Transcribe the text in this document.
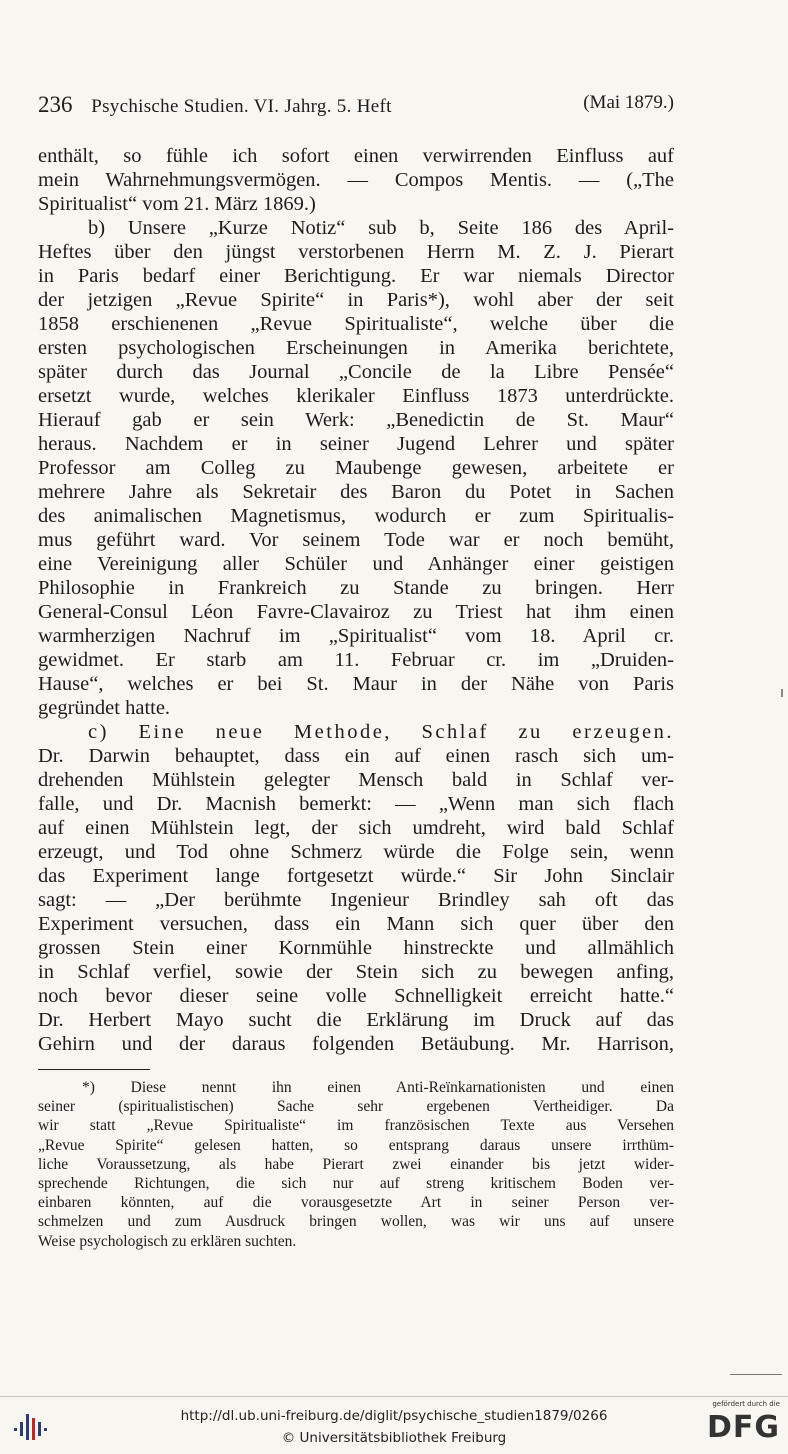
236 Psychische Studien. VI. Jahrg. 5. Heft	(Mai 1879.)
enthält, so fühle ich sofort einen verwirrenden Einfluss auf
mein Wahrnehmungsvermögen. — Compos Mentis. — („The
Spiritualist“ vom 21. März 1869.)
b) Unsere „Kurze Notiz“ sub b, Seite 186 des April-
Heftes über den jüngst verstorbenen Herrn M. Z. J. Pierart
in Paris bedarf einer Berichtigung. Er war niemals Director
der jetzigen „Revue Spirite“ in Paris*), wohl aber der seit
1858 erschienenen „Revue Spiritualiste“, welche über die
ersten psychologischen Erscheinungen in Amerika berichtete,
später durch das Journal „Concile de la Libre Pensée“
ersetzt wurde, welches klerikaler Einfluss 1873 unterdrückte.
Hierauf gab er sein Werk: „Benedictin de St. Maur“
heraus. Nachdem er in seiner Jugend Lehrer und später
Professor am Colleg zu Maubenge gewesen, arbeitete er
mehrere Jahre als Sekretair des Baron du Potet in Sachen
des animalischen Magnetismus, wodurch er zum Spiritualis-
mus geführt ward. Vor seinem Tode war er noch bemüht,
eine Vereinigung aller Schüler und Anhänger einer geistigen
Philosophie in Frankreich zu Stande zu bringen. Herr
General-Consul Léon Favre-Clavairoz zu Triest hat ihm einen
warmherzigen Nachruf im „Spiritualist“ vom 18. April cr.
gewidmet. Er starb am 11. Februar cr. im „Druiden-
Hause“, welches er bei St. Maur in der Nähe von Paris
gegründet hatte.
c) Eine neue Methode, Schlaf zu erzeugen.
Dr. Darwin behauptet, dass ein auf einen rasch sich um-
drehenden Mühlstein gelegter Mensch bald in Schlaf ver-
falle, und Dr. Macnish bemerkt: — „Wenn man sich flach
auf einen Mühlstein legt, der sich umdreht, wird bald Schlaf
erzeugt, und Tod ohne Schmerz würde die Folge sein, wenn
das Experiment lange fortgesetzt würde.“ Sir John Sinclair
sagt: — „Der berühmte Ingenieur Brindley sah oft das
Experiment versuchen, dass ein Mann sich quer über den
grossen Stein einer Kornmühle hinstreckte und allmählich
in Schlaf verfiel, sowie der Stein sich zu bewegen anfing,
noch bevor dieser seine volle Schnelligkeit erreicht hatte.“
Dr. Herbert Mayo sucht die Erklärung im Druck auf das
Gehirn und der daraus folgenden Betäubung. Mr. Harrison,
*) Diese nennt ihn einen Anti-Reïnkarnationisten und einen
seiner (spiritualistischen) Sache sehr ergebenen Vertheidiger. Da
wir statt „Revue Spiritualiste“ im französischen Texte aus Versehen
„Revue Spirite“ gelesen hatten, so entsprang daraus unsere irrthüm-
liche Voraussetzung, als habe Pierart zwei einander bis jetzt wider-
sprechende Richtungen, die sich nur auf streng kritischem Boden ver-
einbaren könnten, auf die vorausgesetzte Art in seiner Person ver-
schmelzen und zum Ausdruck bringen wollen, was wir uns auf unsere
Weise psychologisch zu erklären suchten.
http://dl.ub.uni-freiburg.de/diglit/psychische_studien1879/0266
© Universitätsbibliothek Freiburg
gefördert durch die
DFG
